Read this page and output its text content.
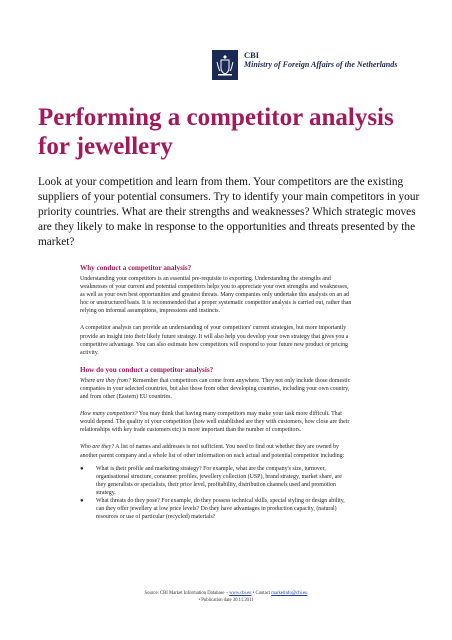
CBI
Ministry of Foreign Affairs of the Netherlands
Performing a competitor analysis for jewellery

Look at your competition and learn from them. Your competitors are the existing suppliers of your potential consumers. Try to identify your main competitors in your priority countries. What are their strengths and weaknesses? Which strategic moves are they likely to make in response to the opportunities and threats presented by the market?

Why conduct a competitor analysis?

Understanding your competitors is an essential pre-requisite to exporting. Understanding the strengths and weaknesses of your current and potential competitors helps you to appreciate your own strengths and weaknesses, as well as your own best opportunities and greatest threats. Many companies only undertake this analysis on an ad hoc or unstructured basis. It is recommended that a proper systematic competitor analysis is carried out, rather than relying on informal assumptions, impressions and instincts.

A competitor analysis can provide an understanding of your competitors' current strategies, but more importantly provide an insight into their likely future strategy. It will also help you develop your own strategy that gives you a competitive advantage. You can also estimate how competitors will respond to your future new product or pricing activity.

How do you conduct a competitor analysis?

Where are they from? Remember that competitors can come from anywhere. They not only include those domestic companies in your selected countries, but also those from other developing countries, including your own country, and from other (Eastern) EU countries.

How many competitors? You may think that having many competitors may make your task more difficult. That would depend. The quality of your competition (how well established are they with customers, how close are their relationships with key trade customers etc) is more important than the number of competitors.

Who are they? A list of names and addresses is not sufficient. You need to find out whether they are owned by another parent company and a whole list of other information on each actual and potential competitor including:

● What is their profile and marketing strategy? For example, what are the company's size, turnover, organisational structure, consumer profiles, jewellery collection (USP), brand strategy, market share, are they generalists or specialists, their price level, profitability, distribution channels used and promotion strategy.
● What threats do they pose? For example, do they possess technical skills, special styling or design ability, can they offer jewellery at low price levels? Do they have advantages in production capacity, (natural) resources or use of particular (recycled) materials?
Source: CBI Market Information Database – www.cbi.eu • Contact marketinfo@cbi.eu
• Publication date 30.11.2011
